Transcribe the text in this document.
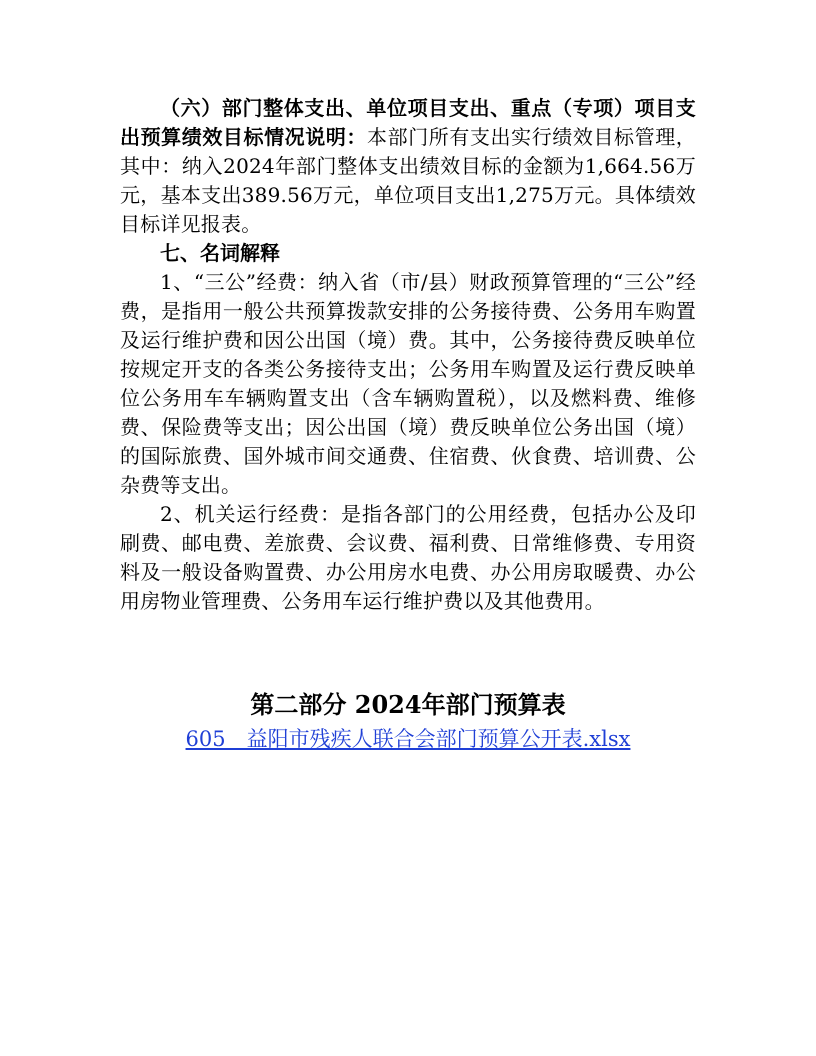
（六）部门整体支出、单位项目支出、重点（专项）项目支出预算绩效目标情况说明：本部门所有支出实行绩效目标管理，其中：纳入2024年部门整体支出绩效目标的金额为1,664.56万元，基本支出389.56万元，单位项目支出1,275万元。具体绩效目标详见报表。

七、名词解释

1、“三公”经费：纳入省（市/县）财政预算管理的“三公”经费，是指用一般公共预算拨款安排的公务接待费、公务用车购置及运行维护费和因公出国（境）费。其中，公务接待费反映单位按规定开支的各类公务接待支出；公务用车购置及运行费反映单位公务用车车辆购置支出（含车辆购置税），以及燃料费、维修费、保险费等支出；因公出国（境）费反映单位公务出国（境）的国际旅费、国外城市间交通费、住宿费、伙食费、培训费、公杂费等支出。

2、机关运行经费：是指各部门的公用经费，包括办公及印刷费、邮电费、差旅费、会议费、福利费、日常维修费、专用资料及一般设备购置费、办公用房水电费、办公用房取暖费、办公用房物业管理费、公务用车运行维护费以及其他费用。

第二部分 2024年部门预算表
605　益阳市残疾人联合会部门预算公开表.xlsx
